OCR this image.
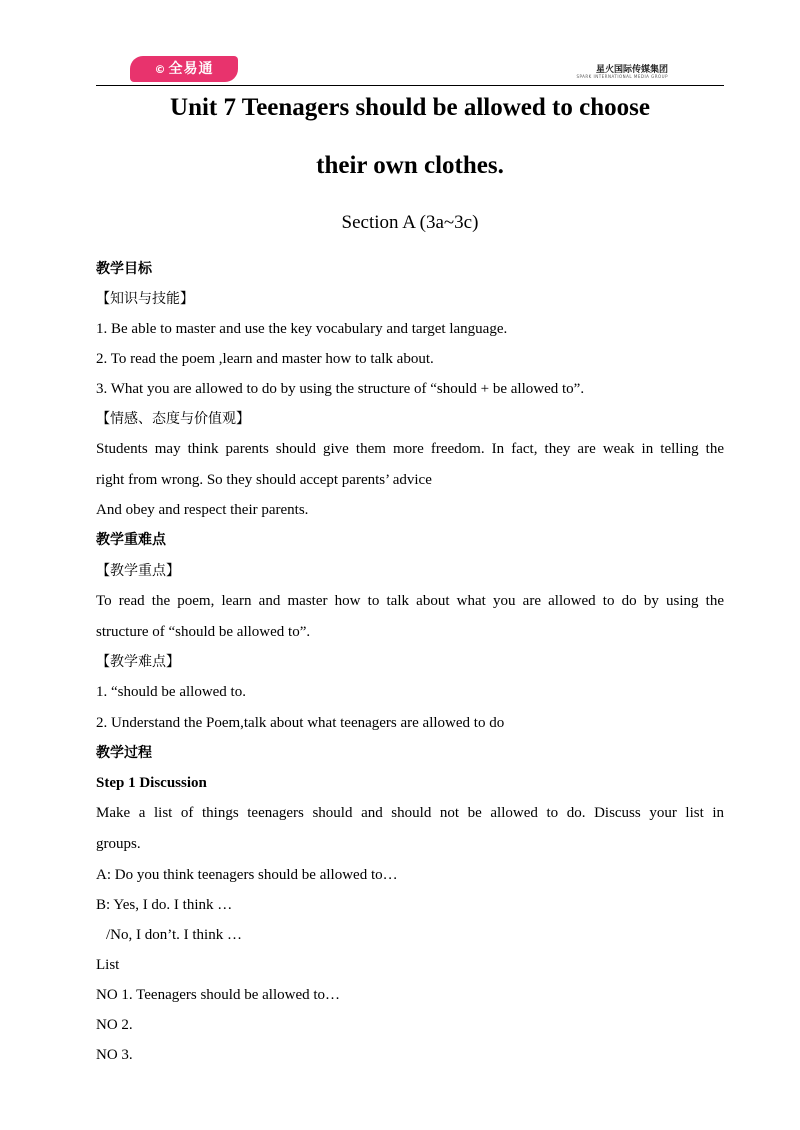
© 全易通	星火国际传媒集团
SPARK INTERNATIONAL MEDIA GROUP
Unit 7 Teenagers should be allowed to choose
their own clothes.

Section A (3a~3c)

教学目标

【知识与技能】

1. Be able to master and use the key vocabulary and target language.

2. To read the poem ,learn and master how to talk about.

3. What you are allowed to do by using the structure of “should + be allowed to”.

【情感、态度与价值观】

Students may think parents should give them more freedom. In fact, they are weak in telling the

right from wrong. So they should accept parents’ advice

And obey and respect their parents.

教学重难点

【教学重点】

To read the poem, learn and master how to talk about what you are allowed to do by using the

structure of “should be allowed to”.

【教学难点】

1. “should be allowed to.

2. Understand the Poem,talk about what teenagers are allowed to do

教学过程

Step 1 Discussion

Make a list of things teenagers should and should not be allowed to do. Discuss your list in

groups.

A: Do you think teenagers should be allowed to…

B: Yes, I do. I think …

/No, I don’t. I think …

List

NO 1. Teenagers should be allowed to…

NO 2.

NO 3.
